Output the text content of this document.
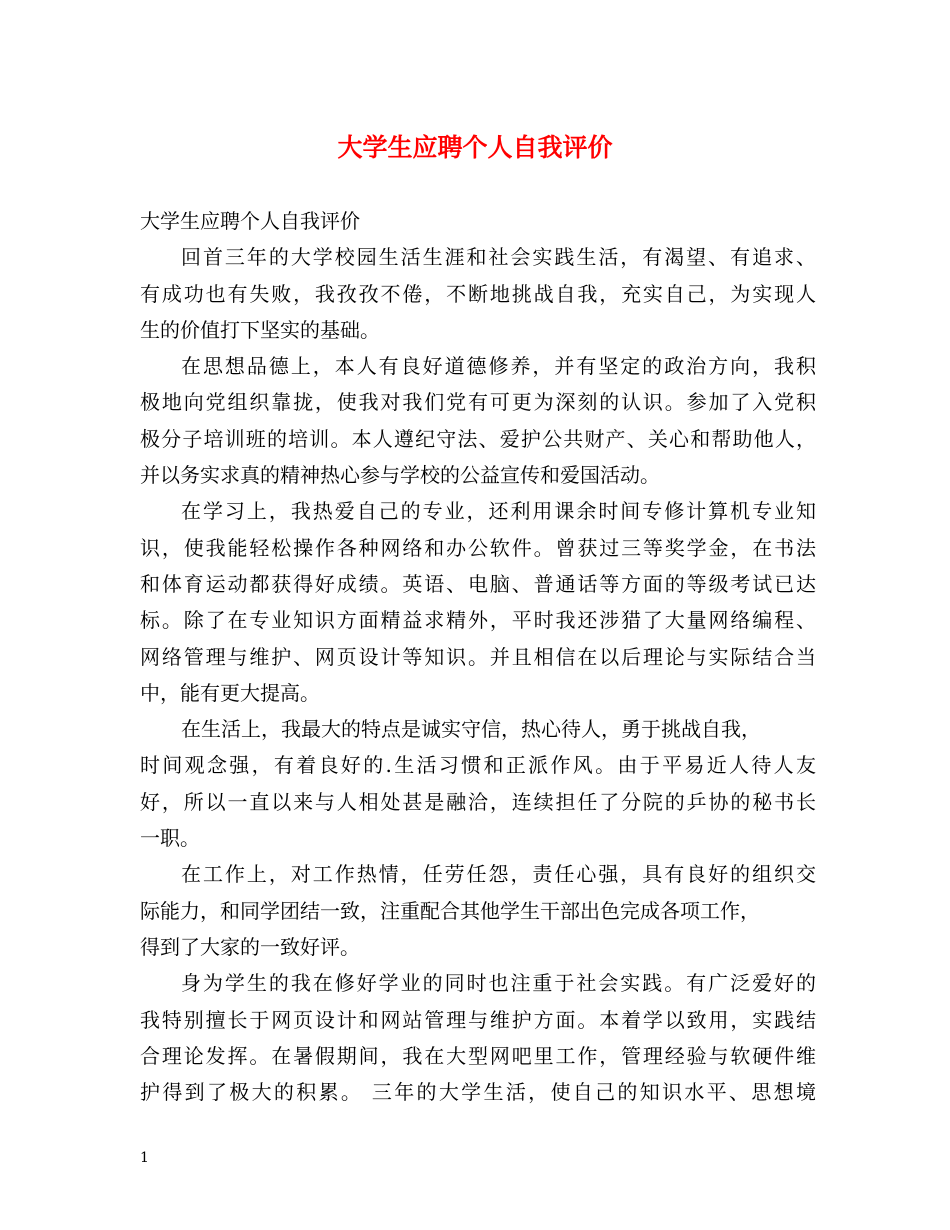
大学生应聘个人自我评价
大学生应聘个人自我评价
回首三年的大学校园生活生涯和社会实践生活，有渴望、有追求、
有成功也有失败，我孜孜不倦，不断地挑战自我，充实自己，为实现人
生的价值打下坚实的基础。
在思想品德上，本人有良好道德修养，并有坚定的政治方向，我积
极地向党组织靠拢，使我对我们党有可更为深刻的认识。参加了入党积
极分子培训班的培训。本人遵纪守法、爱护公共财产、关心和帮助他人，
并以务实求真的精神热心参与学校的公益宣传和爱国活动。
在学习上，我热爱自己的专业，还利用课余时间专修计算机专业知
识，使我能轻松操作各种网络和办公软件。曾获过三等奖学金，在书法
和体育运动都获得好成绩。英语、电脑、普通话等方面的等级考试已达
标。除了在专业知识方面精益求精外，平时我还涉猎了大量网络编程、
网络管理与维护、网页设计等知识。并且相信在以后理论与实际结合当
中，能有更大提高。
在生活上，我最大的特点是诚实守信，热心待人，勇于挑战自我，
时间观念强，有着良好的.生活习惯和正派作风。由于平易近人待人友
好，所以一直以来与人相处甚是融洽，连续担任了分院的乒协的秘书长
一职。
在工作上，对工作热情，任劳任怨，责任心强，具有良好的组织交
际能力，和同学团结一致，注重配合其他学生干部出色完成各项工作，
得到了大家的一致好评。
身为学生的我在修好学业的同时也注重于社会实践。有广泛爱好的
我特别擅长于网页设计和网站管理与维护方面。本着学以致用，实践结
合理论发挥。在暑假期间，我在大型网吧里工作，管理经验与软硬件维
护得到了极大的积累。 三年的大学生活，使自己的知识水平、思想境
1
